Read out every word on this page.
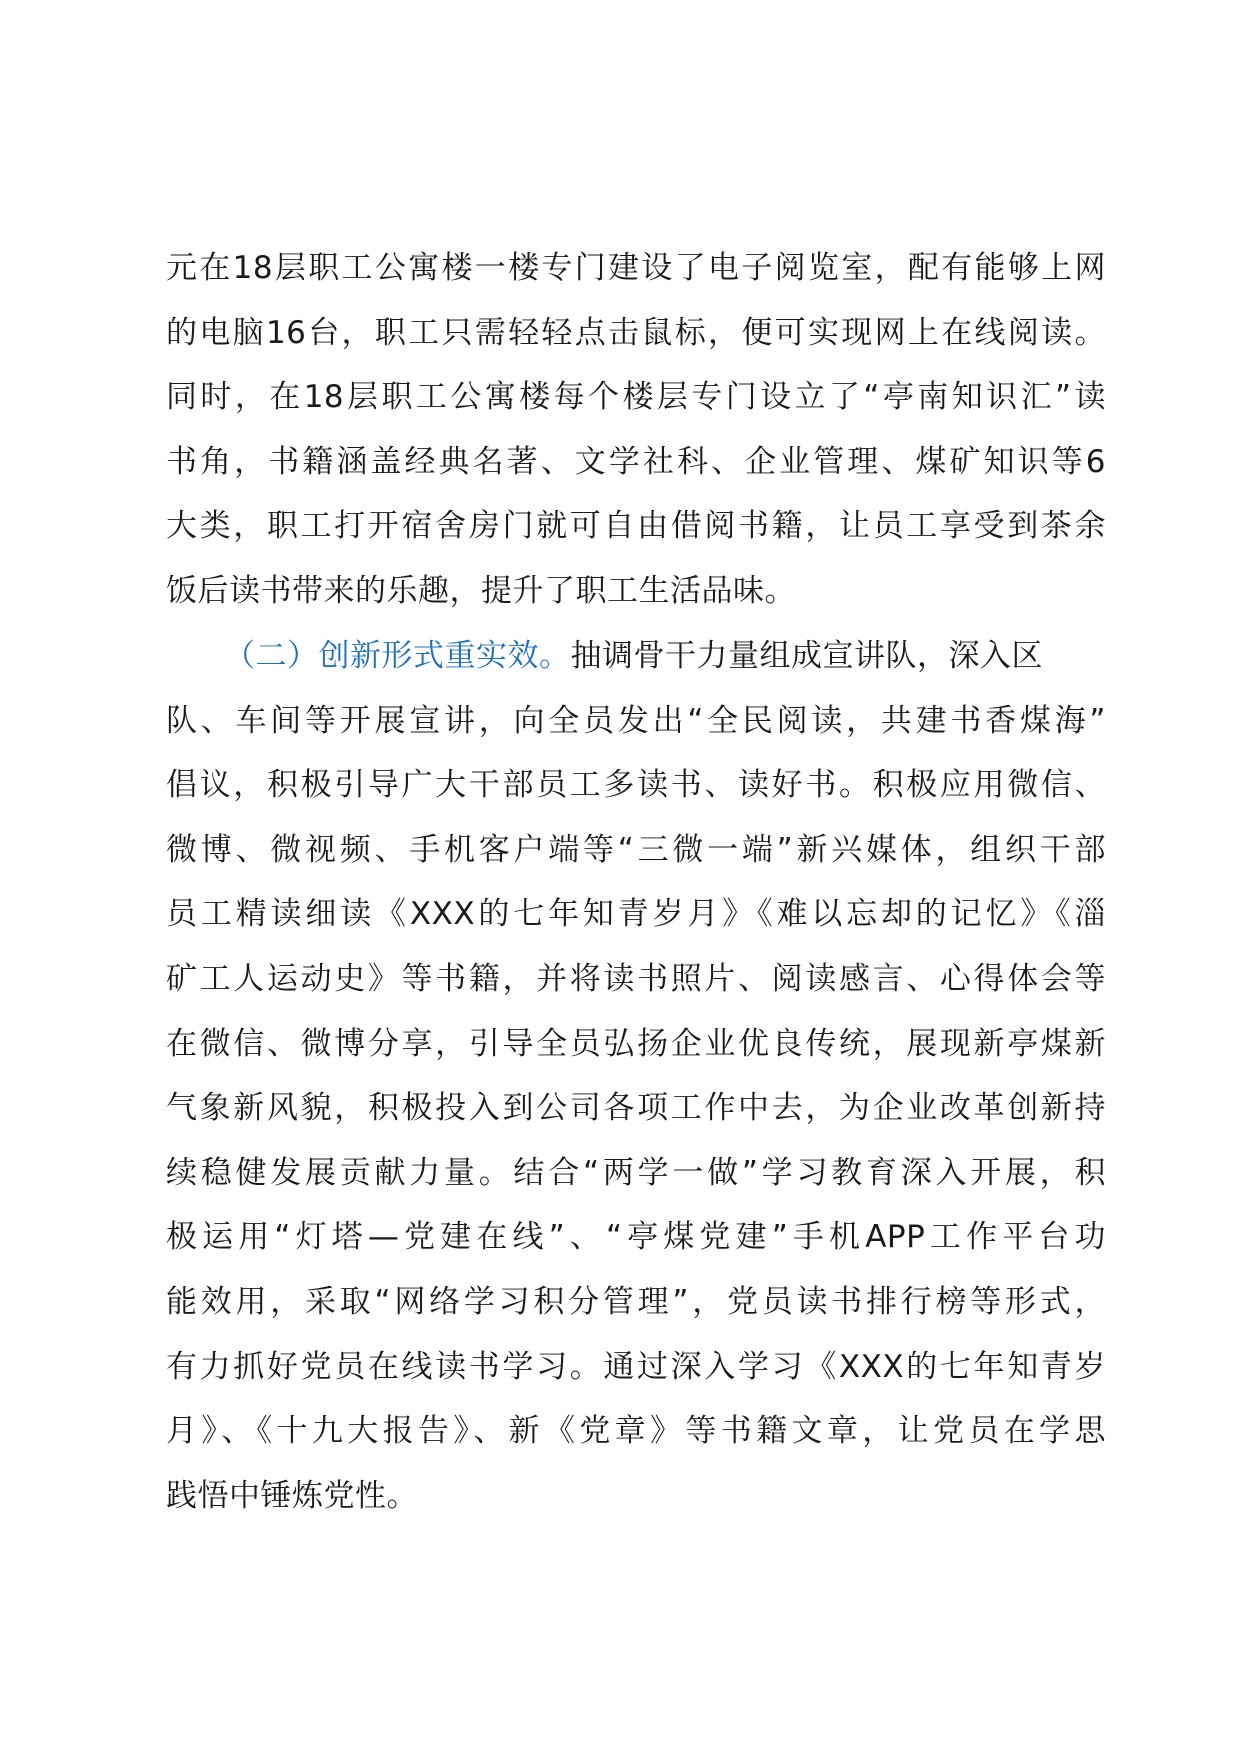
元在18层职工公寓楼一楼专门建设了电子阅览室，配有能够上网
的电脑16台，职工只需轻轻点击鼠标，便可实现网上在线阅读。
同时，在18层职工公寓楼每个楼层专门设立了“亭南知识汇”读
书角，书籍涵盖经典名著、文学社科、企业管理、煤矿知识等6
大类，职工打开宿舍房门就可自由借阅书籍，让员工享受到茶余
饭后读书带来的乐趣，提升了职工生活品味。
（二）创新形式重实效。抽调骨干力量组成宣讲队，深入区
队、车间等开展宣讲，向全员发出“全民阅读，共建书香煤海”
倡议，积极引导广大干部员工多读书、读好书。积极应用微信、
微博、微视频、手机客户端等“三微一端”新兴媒体，组织干部
员工精读细读《XXX的七年知青岁月》《难以忘却的记忆》《淄
矿工人运动史》等书籍，并将读书照片、阅读感言、心得体会等
在微信、微博分享，引导全员弘扬企业优良传统，展现新亭煤新
气象新风貌，积极投入到公司各项工作中去，为企业改革创新持
续稳健发展贡献力量。结合“两学一做”学习教育深入开展，积
极运用“灯塔—党建在线”、“亭煤党建”手机APP工作平台功
能效用，采取“网络学习积分管理”，党员读书排行榜等形式，
有力抓好党员在线读书学习。通过深入学习《XXX的七年知青岁
月》、《十九大报告》、新《党章》等书籍文章，让党员在学思
践悟中锤炼党性。
